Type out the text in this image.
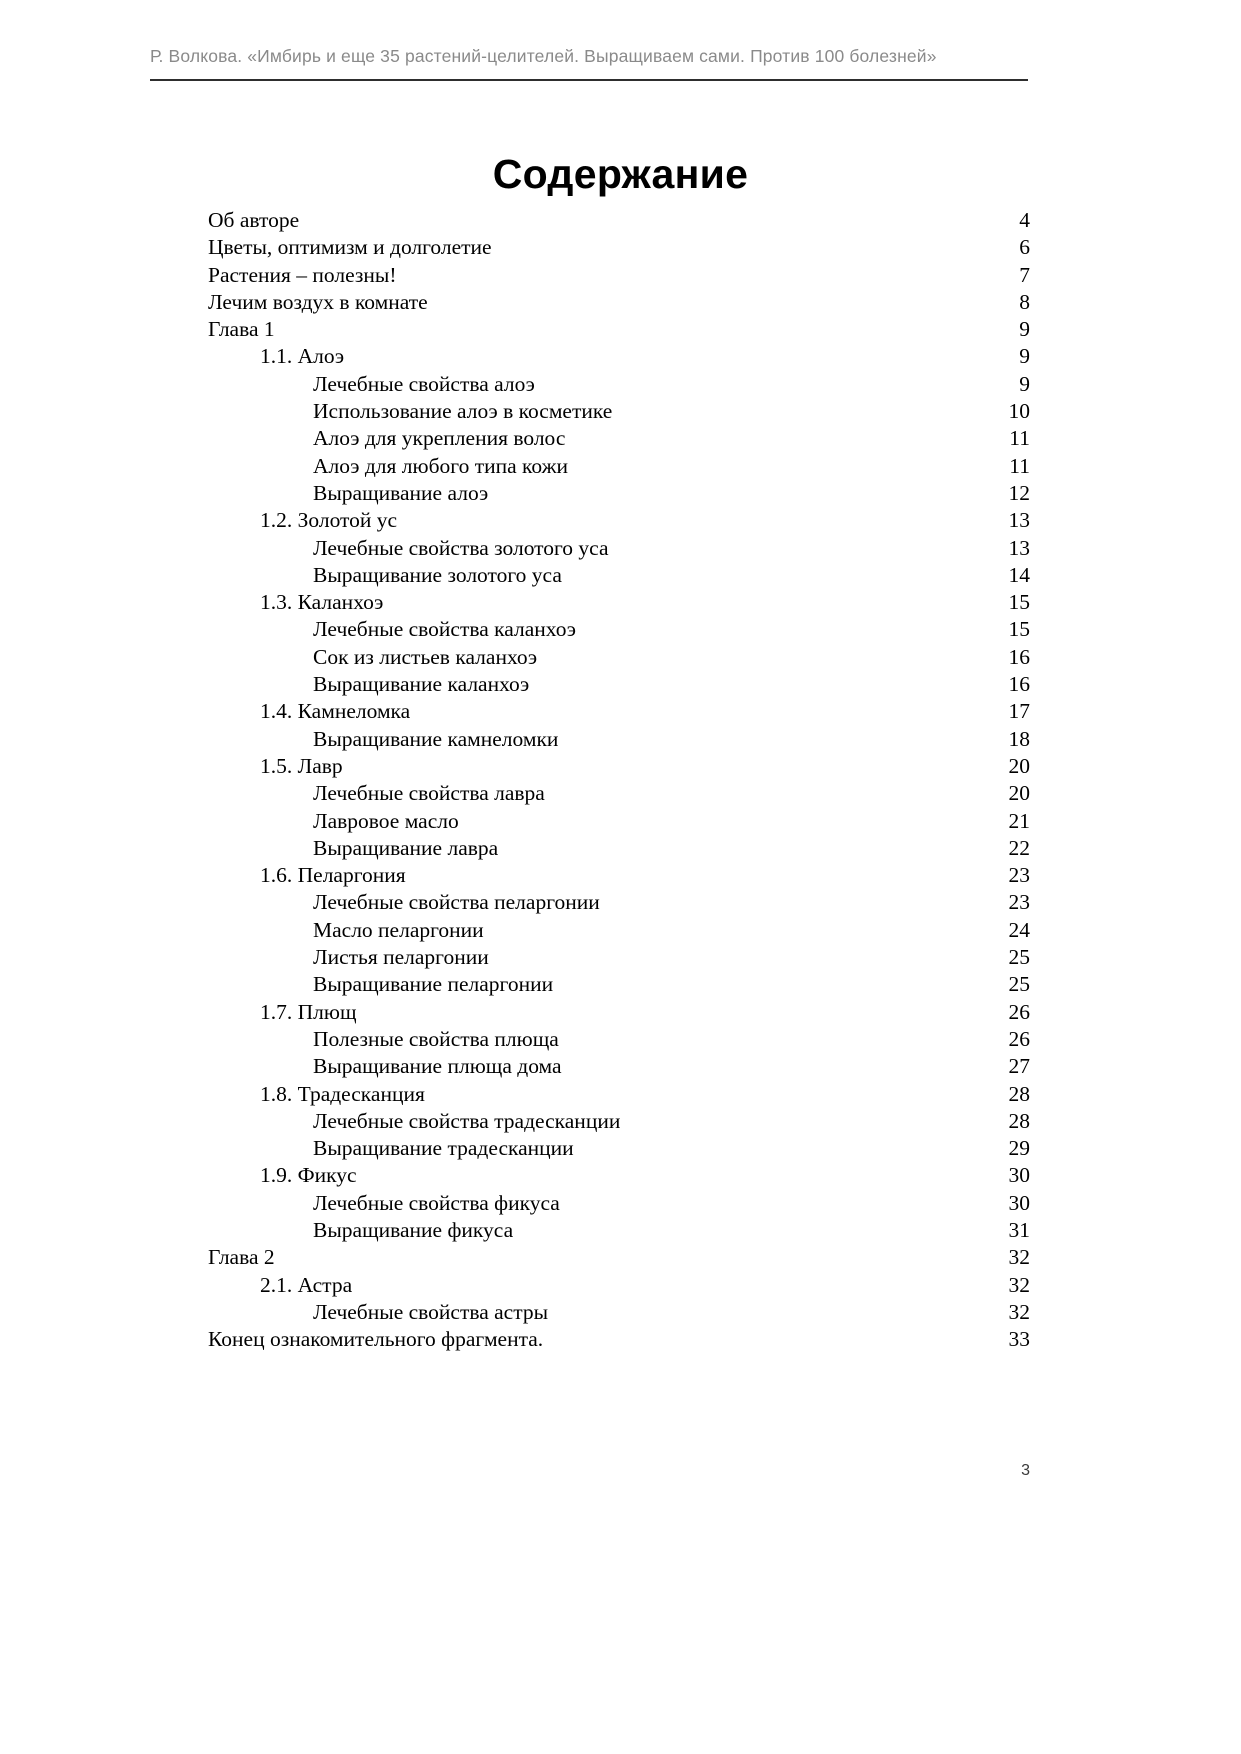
Р. Волкова. «Имбирь и еще 35 растений-целителей. Выращиваем сами. Против 100 болезней»
Содержание
Об авторе	4
Цветы, оптимизм и долголетие	6
Растения – полезны!	7
Лечим воздух в комнате	8
Глава 1	9
1.1. Алоэ	9
Лечебные свойства алоэ	9
Использование алоэ в косметике	10
Алоэ для укрепления волос	11
Алоэ для любого типа кожи	11
Выращивание алоэ	12
1.2. Золотой ус	13
Лечебные свойства золотого уса	13
Выращивание золотого уса	14
1.3. Каланхоэ	15
Лечебные свойства каланхоэ	15
Сок из листьев каланхоэ	16
Выращивание каланхоэ	16
1.4. Камнеломка	17
Выращивание камнеломки	18
1.5. Лавр	20
Лечебные свойства лавра	20
Лавровое масло	21
Выращивание лавра	22
1.6. Пеларгония	23
Лечебные свойства пеларгонии	23
Масло пеларгонии	24
Листья пеларгонии	25
Выращивание пеларгонии	25
1.7. Плющ	26
Полезные свойства плюща	26
Выращивание плюща дома	27
1.8. Традесканция	28
Лечебные свойства традесканции	28
Выращивание традесканции	29
1.9. Фикус	30
Лечебные свойства фикуса	30
Выращивание фикуса	31
Глава 2	32
2.1. Астра	32
Лечебные свойства астры	32
Конец ознакомительного фрагмента.	33
3
